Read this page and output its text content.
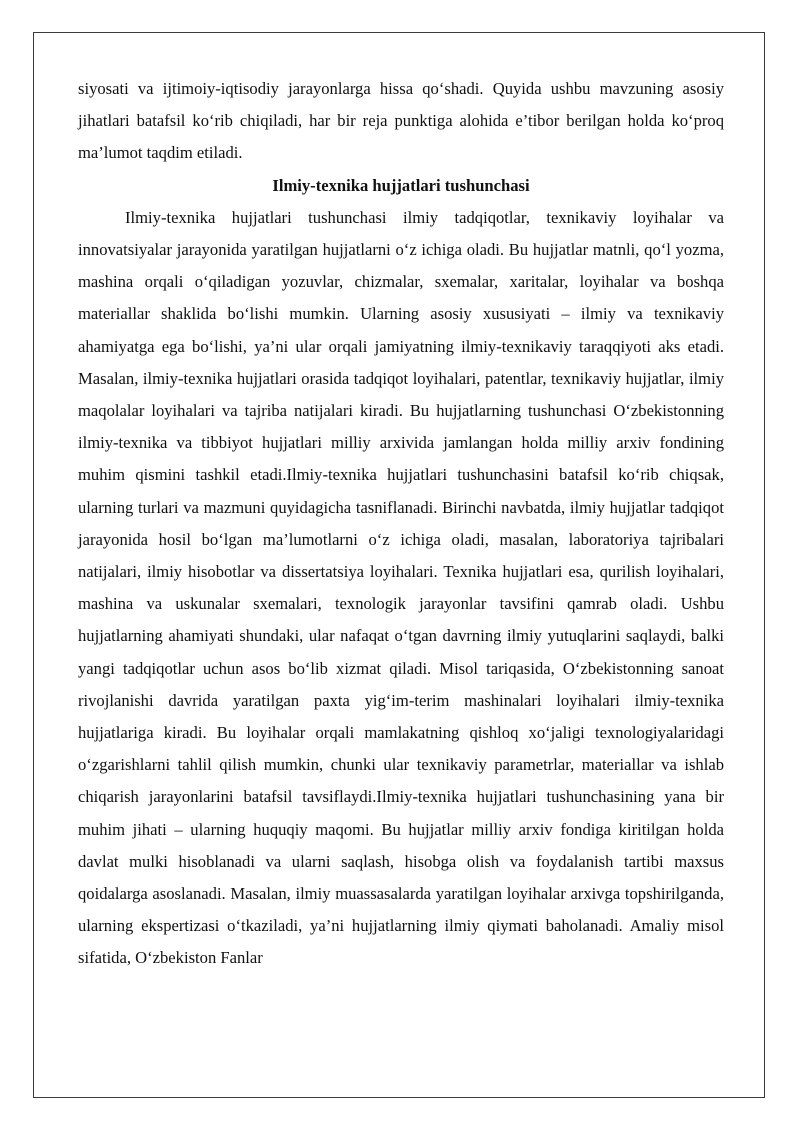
siyosati va ijtimoiy-iqtisodiy jarayonlarga hissa qo‘shadi. Quyida ushbu mavzuning asosiy jihatlari batafsil ko‘rib chiqiladi, har bir reja punktiga alohida e’tibor berilgan holda ko‘proq ma’lumot taqdim etiladi.

Ilmiy-texnika hujjatlari tushunchasi

Ilmiy-texnika hujjatlari tushunchasi ilmiy tadqiqotlar, texnikaviy loyihalar va innovatsiyalar jarayonida yaratilgan hujjatlarni o‘z ichiga oladi. Bu hujjatlar matnli, qo‘l yozma, mashina orqali o‘qiladigan yozuvlar, chizmalar, sxemalar, xaritalar, loyihalar va boshqa materiallar shaklida bo‘lishi mumkin. Ularning asosiy xususiyati – ilmiy va texnikaviy ahamiyatga ega bo‘lishi, ya’ni ular orqali jamiyatning ilmiy-texnikaviy taraqqiyoti aks etadi. Masalan, ilmiy-texnika hujjatlari orasida tadqiqot loyihalari, patentlar, texnikaviy hujjatlar, ilmiy maqolalar loyihalari va tajriba natijalari kiradi. Bu hujjatlarning tushunchasi O‘zbekistonning ilmiy-texnika va tibbiyot hujjatlari milliy arxivida jamlangan holda milliy arxiv fondining muhim qismini tashkil etadi.Ilmiy-texnika hujjatlari tushunchasini batafsil ko‘rib chiqsak, ularning turlari va mazmuni quyidagicha tasniflanadi. Birinchi navbatda, ilmiy hujjatlar tadqiqot jarayonida hosil bo‘lgan ma’lumotlarni o‘z ichiga oladi, masalan, laboratoriya tajribalari natijalari, ilmiy hisobotlar va dissertatsiya loyihalari. Texnika hujjatlari esa, qurilish loyihalari, mashina va uskunalar sxemalari, texnologik jarayonlar tavsifini qamrab oladi. Ushbu hujjatlarning ahamiyati shundaki, ular nafaqat o‘tgan davrning ilmiy yutuqlarini saqlaydi, balki yangi tadqiqotlar uchun asos bo‘lib xizmat qiladi. Misol tariqasida, O‘zbekistonning sanoat rivojlanishi davrida yaratilgan paxta yig‘im-terim mashinalari loyihalari ilmiy-texnika hujjatlariga kiradi. Bu loyihalar orqali mamlakatning qishloq xo‘jaligi texnologiyalaridagi o‘zgarishlarni tahlil qilish mumkin, chunki ular texnikaviy parametrlar, materiallar va ishlab chiqarish jarayonlarini batafsil tavsiflaydi.Ilmiy-texnika hujjatlari tushunchasining yana bir muhim jihati – ularning huquqiy maqomi. Bu hujjatlar milliy arxiv fondiga kiritilgan holda davlat mulki hisoblanadi va ularni saqlash, hisobga olish va foydalanish tartibi maxsus qoidalarga asoslanadi. Masalan, ilmiy muassasalarda yaratilgan loyihalar arxivga topshirilganda, ularning ekspertizasi o‘tkaziladi, ya’ni hujjatlarning ilmiy qiymati baholanadi. Amaliy misol sifatida, O‘zbekiston Fanlar
